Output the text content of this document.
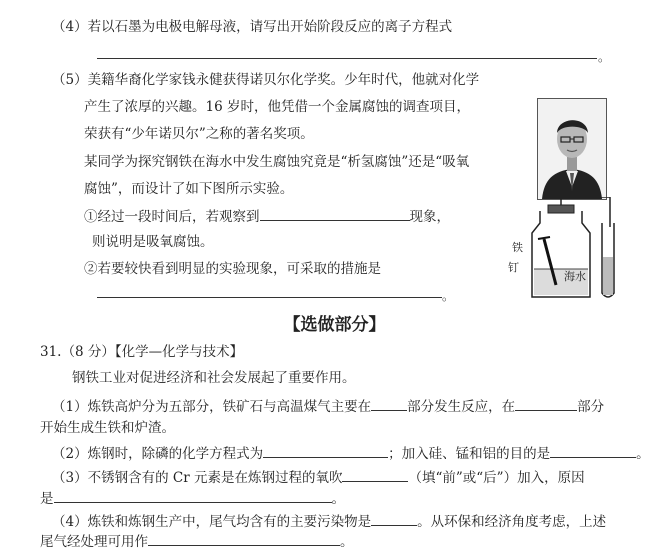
（4）若以石墨为电极电解母液，请写出开始阶段反应的离子方程式
。
（5）美籍华裔化学家钱永健获得诺贝尔化学奖。少年时代，他就对化学
产生了浓厚的兴趣。16 岁时，他凭借一个金属腐蚀的调查项目，
荣获有“少年诺贝尔”之称的著名奖项。
某同学为探究钢铁在海水中发生腐蚀究竟是“析氢腐蚀”还是“吸氧
腐蚀”，而设计了如下图所示实验。
①经过一段时间后，若观察到	现象，
则说明是吸氧腐蚀。
②若要较快看到明显的实验现象，可采取的措施是
。
铁
钉
海水
【选做部分】
31.（8 分）【化学—化学与技术】
钢铁工业对促进经济和社会发展起了重要作用。
（1）炼铁高炉分为五部分，铁矿石与高温煤气主要在	部分发生反应，在	部分
开始生成生铁和炉渣。
（2）炼钢时，除磷的化学方程式为	；加入硅、锰和铝的目的是	。
（3）不锈钢含有的 Cr 元素是在炼钢过程的氧吹	（填“前”或“后”）加入，原因
是	。
（4）炼铁和炼钢生产中，尾气均含有的主要污染物是	。从环保和经济角度考虑，上述
尾气经处理可用作	。
